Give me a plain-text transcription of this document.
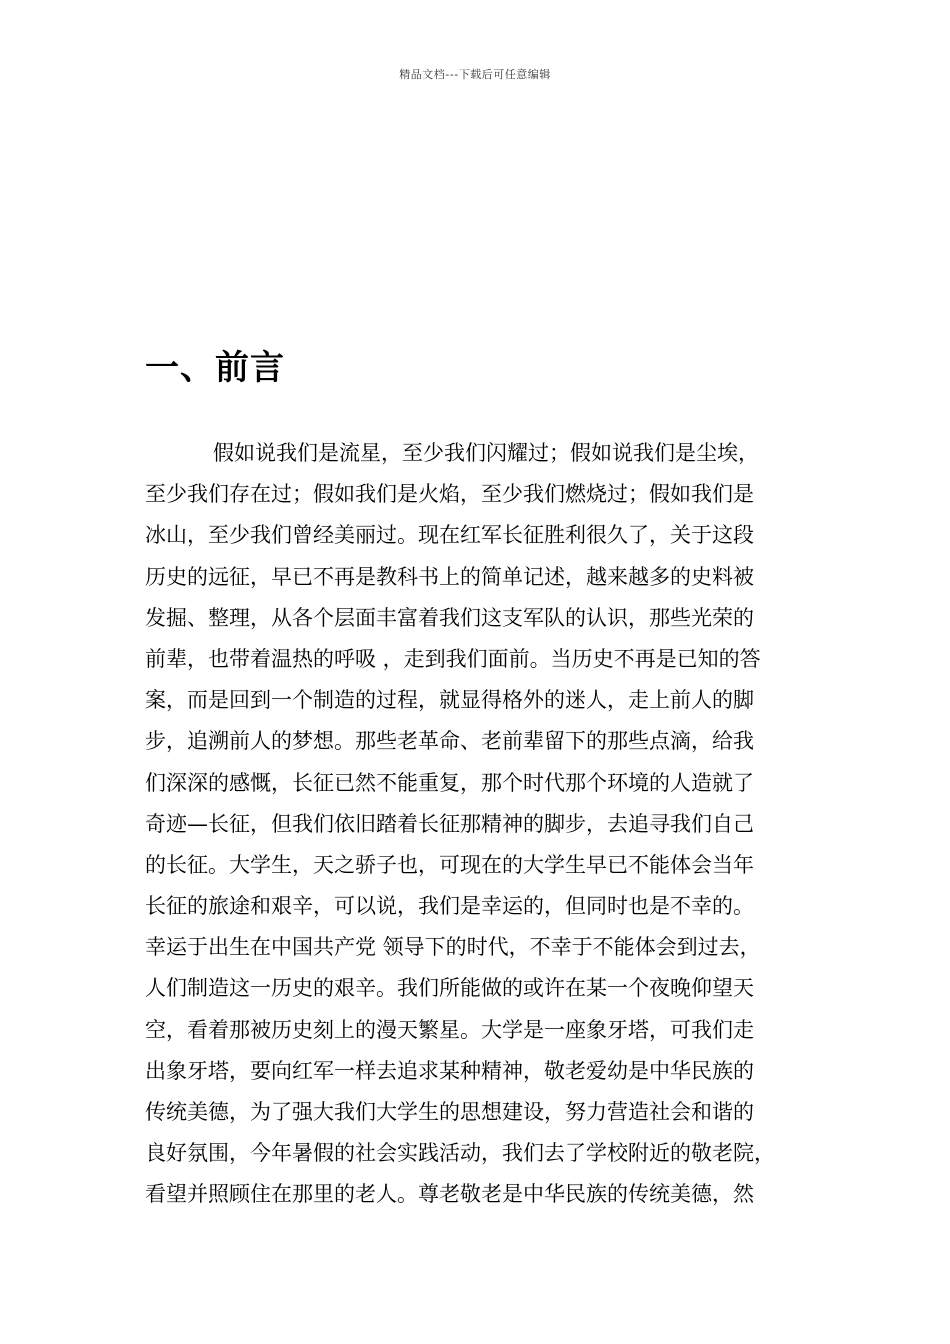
精品文档---下载后可任意编辑
一、前言
假如说我们是流星，至少我们闪耀过；假如说我们是尘埃，
至少我们存在过；假如我们是火焰，至少我们燃烧过；假如我们是
冰山，至少我们曾经美丽过。现在红军长征胜利很久了，关于这段
历史的远征，早已不再是教科书上的简单记述，越来越多的史料被
发掘、整理，从各个层面丰富着我们这支军队的认识，那些光荣的
前辈，也带着温热的呼吸 ，走到我们面前。当历史不再是已知的答
案，而是回到一个制造的过程，就显得格外的迷人，走上前人的脚
步，追溯前人的梦想。那些老革命、老前辈留下的那些点滴，给我
们深深的感慨，长征已然不能重复，那个时代那个环境的人造就了
奇迹—长征，但我们依旧踏着长征那精神的脚步，去追寻我们自己
的长征。大学生，天之骄子也，可现在的大学生早已不能体会当年
长征的旅途和艰辛，可以说，我们是幸运的，但同时也是不幸的。
幸运于出生在中国共产党 领导下的时代，不幸于不能体会到过去，
人们制造这一历史的艰辛。我们所能做的或许在某一个夜晚仰望天
空，看着那被历史刻上的漫天繁星。大学是一座象牙塔，可我们走
出象牙塔，要向红军一样去追求某种精神，敬老爱幼是中华民族的
传统美德，为了强大我们大学生的思想建设，努力营造社会和谐的
良好氛围，今年暑假的社会实践活动，我们去了学校附近的敬老院，
看望并照顾住在那里的老人。尊老敬老是中华民族的传统美德，然
